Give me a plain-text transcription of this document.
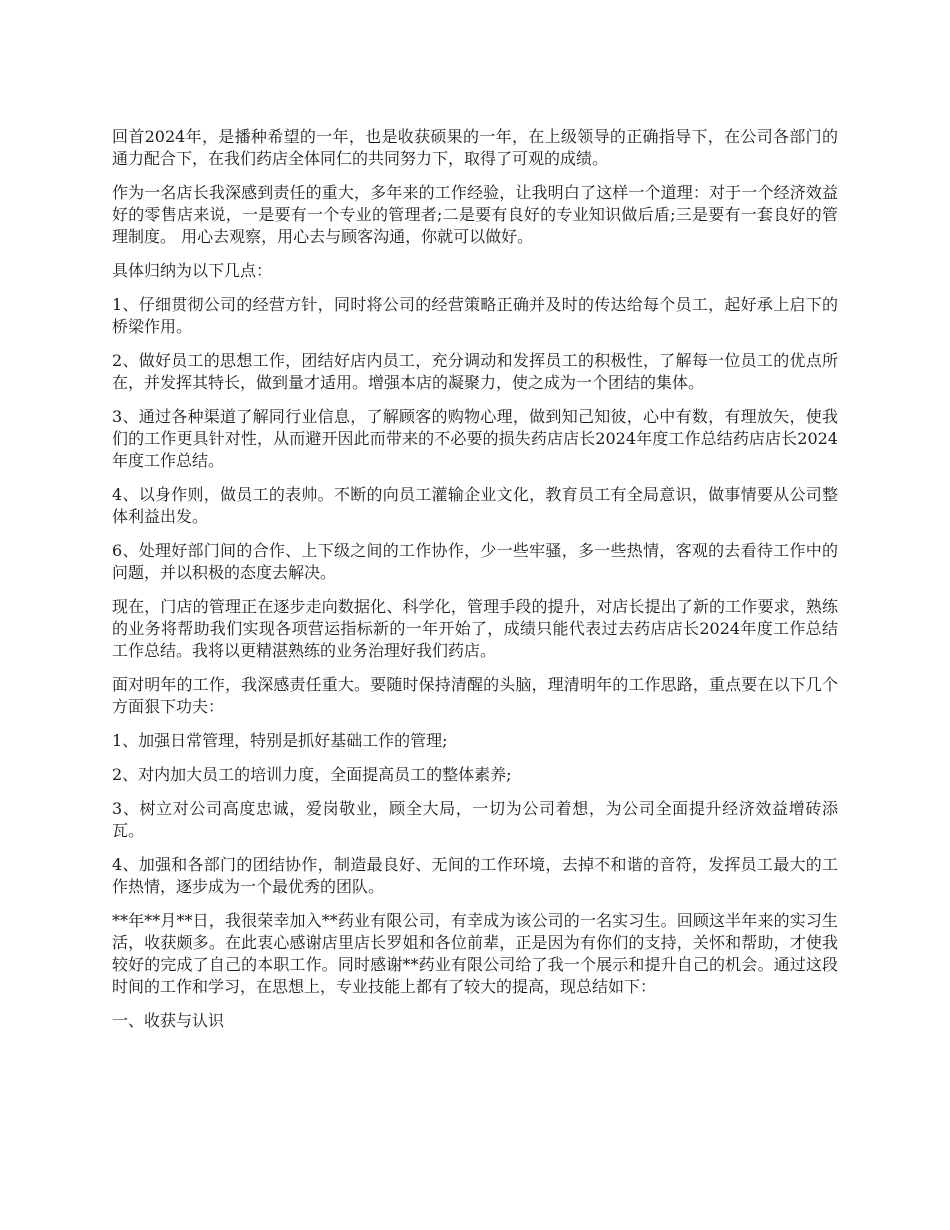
回首2024年，是播种希望的一年，也是收获硕果的一年，在上级领导的正确指导下，在公司各部门的通力配合下，在我们药店全体同仁的共同努力下，取得了可观的成绩。

作为一名店长我深感到责任的重大，多年来的工作经验，让我明白了这样一个道理：对于一个经济效益好的零售店来说，一是要有一个专业的管理者;二是要有良好的专业知识做后盾;三是要有一套良好的管理制度。 用心去观察，用心去与顾客沟通，你就可以做好。

具体归纳为以下几点：

1、仔细贯彻公司的经营方针，同时将公司的经营策略正确并及时的传达给每个员工，起好承上启下的桥梁作用。

2、做好员工的思想工作，团结好店内员工，充分调动和发挥员工的积极性，了解每一位员工的优点所在，并发挥其特长，做到量才适用。增强本店的凝聚力，使之成为一个团结的集体。

3、通过各种渠道了解同行业信息，了解顾客的购物心理，做到知己知彼，心中有数，有理放矢，使我们的工作更具针对性，从而避开因此而带来的不必要的损失药店店长2024年度工作总结药店店长2024年度工作总结。

4、以身作则，做员工的表帅。不断的向员工灌输企业文化，教育员工有全局意识，做事情要从公司整体利益出发。

6、处理好部门间的合作、上下级之间的工作协作，少一些牢骚，多一些热情，客观的去看待工作中的问题，并以积极的态度去解决。

现在，门店的管理正在逐步走向数据化、科学化，管理手段的提升，对店长提出了新的工作要求，熟练的业务将帮助我们实现各项营运指标新的一年开始了，成绩只能代表过去药店店长2024年度工作总结工作总结。我将以更精湛熟练的业务治理好我们药店。

面对明年的工作，我深感责任重大。要随时保持清醒的头脑，理清明年的工作思路，重点要在以下几个方面狠下功夫：

1、加强日常管理，特别是抓好基础工作的管理;

2、对内加大员工的培训力度，全面提高员工的整体素养;

3、树立对公司高度忠诚，爱岗敬业，顾全大局，一切为公司着想，为公司全面提升经济效益增砖添瓦。

4、加强和各部门的团结协作，制造最良好、无间的工作环境，去掉不和谐的音符，发挥员工最大的工作热情，逐步成为一个最优秀的团队。

**年**月**日，我很荣幸加入**药业有限公司，有幸成为该公司的一名实习生。回顾这半年来的实习生活，收获颇多。在此衷心感谢店里店长罗姐和各位前辈，正是因为有你们的支持，关怀和帮助，才使我较好的完成了自己的本职工作。同时感谢**药业有限公司给了我一个展示和提升自己的机会。通过这段时间的工作和学习，在思想上，专业技能上都有了较大的提高，现总结如下：

一、收获与认识
